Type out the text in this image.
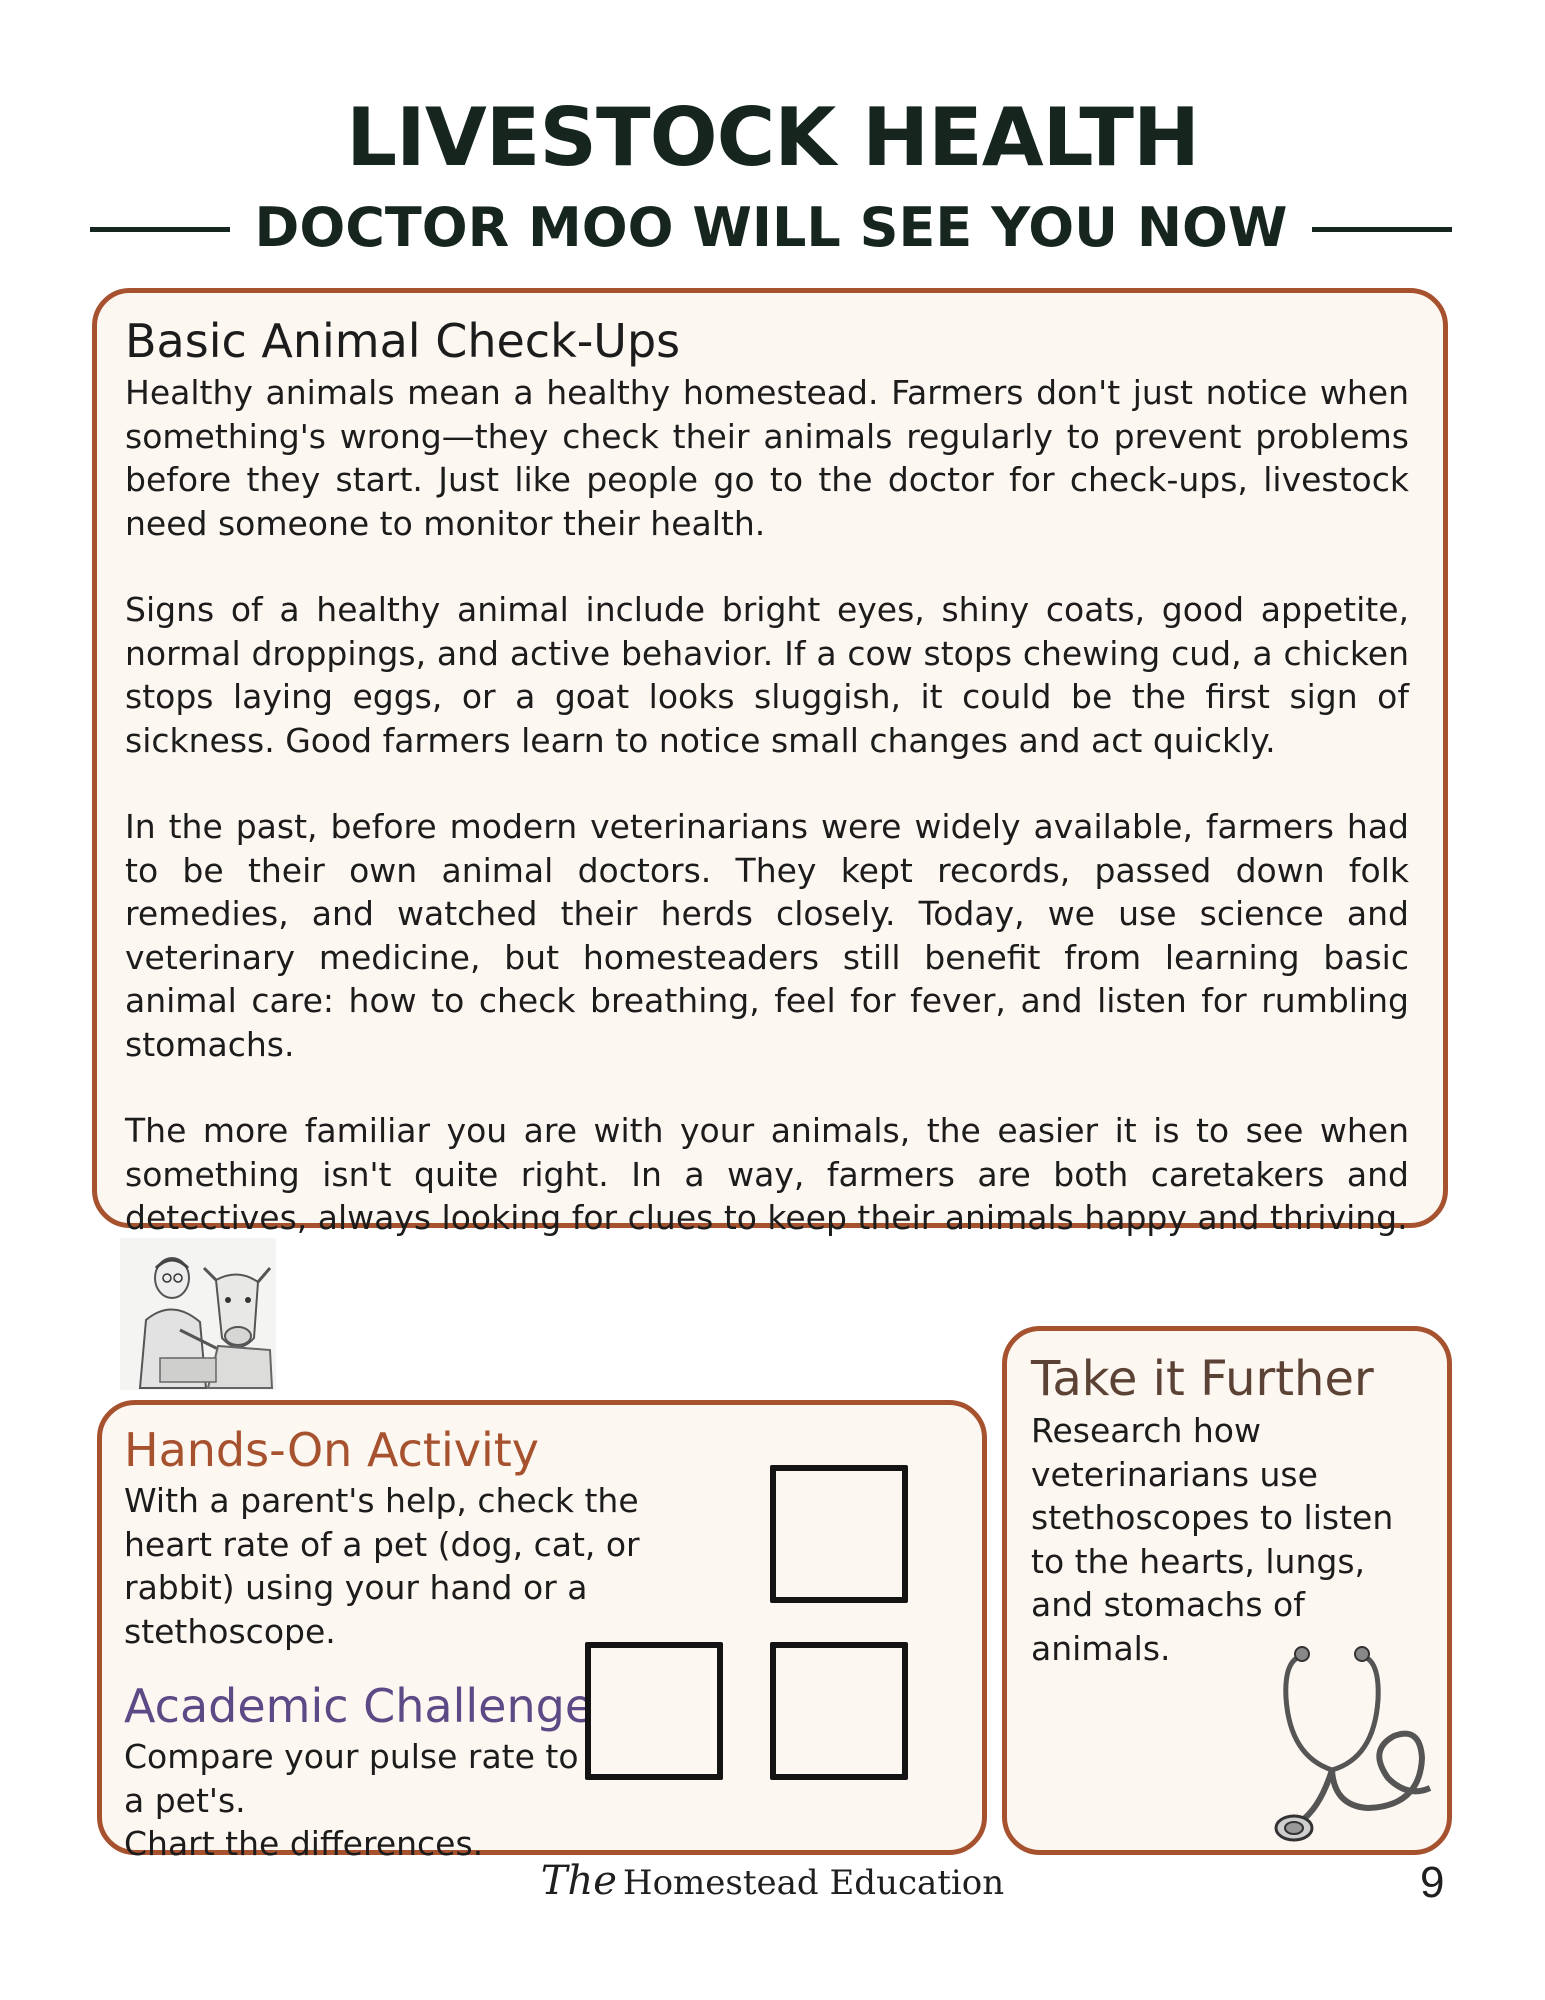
LIVESTOCK HEALTH
DOCTOR MOO WILL SEE YOU NOW
Basic Animal Check-Ups

Healthy animals mean a healthy homestead. Farmers don't just notice when something's wrong—they check their animals regularly to prevent problems before they start. Just like people go to the doctor for check-ups, livestock need someone to monitor their health.

Signs of a healthy animal include bright eyes, shiny coats, good appetite, normal droppings, and active behavior. If a cow stops chewing cud, a chicken stops laying eggs, or a goat looks sluggish, it could be the first sign of sickness. Good farmers learn to notice small changes and act quickly.

In the past, before modern veterinarians were widely available, farmers had to be their own animal doctors. They kept records, passed down folk remedies, and watched their herds closely. Today, we use science and veterinary medicine, but homesteaders still benefit from learning basic animal care: how to check breathing, feel for fever, and listen for rumbling stomachs.

The more familiar you are with your animals, the easier it is to see when something isn't quite right. In a way, farmers are both caretakers and detectives, always looking for clues to keep their animals happy and thriving.

Hands-On Activity

With a parent's help, check the heart rate of a pet (dog, cat, or rabbit) using your hand or a stethoscope.

Academic Challenge

Compare your pulse rate to a pet's.
Chart the differences.

Take it Further

Research how veterinarians use stethoscopes to listen to the hearts, lungs, and stomachs of animals.

The Homestead Education	9
